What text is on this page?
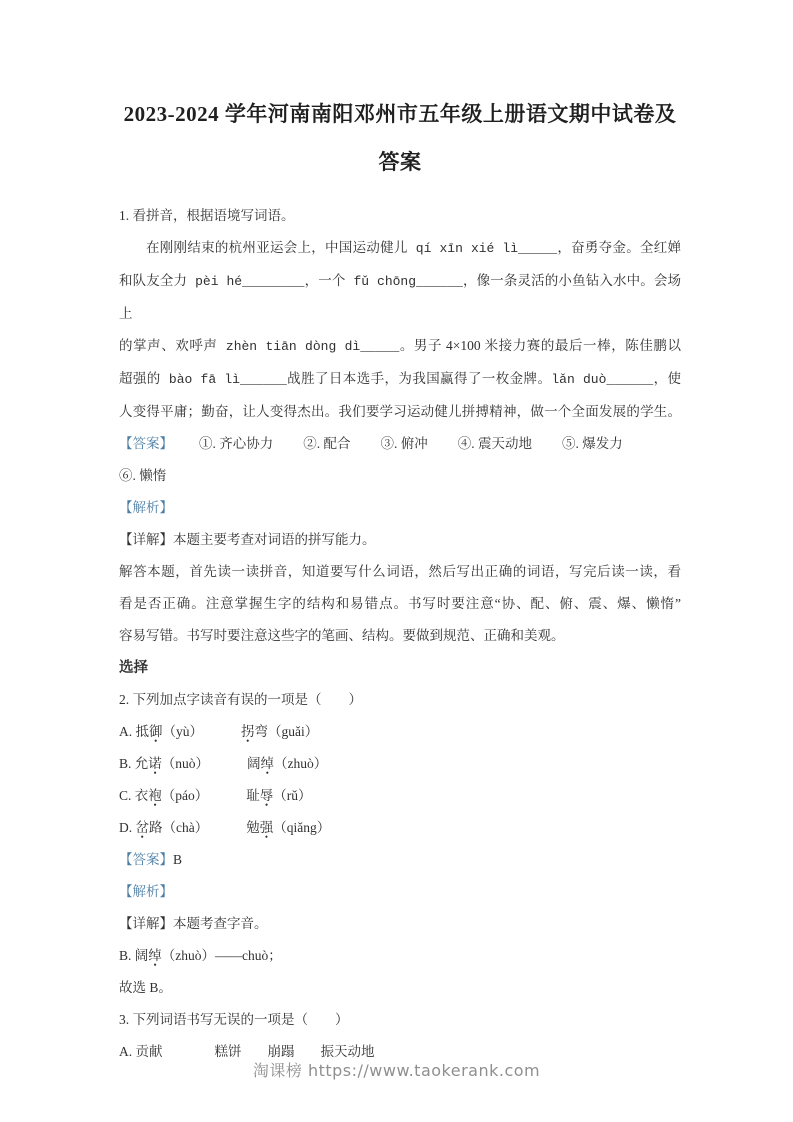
2023-2024 学年河南南阳邓州市五年级上册语文期中试卷及
答案
1. 看拼音，根据语境写词语。
在刚刚结束的杭州亚运会上，中国运动健儿 qí xīn xié lì_____，奋勇夺金。全红婵
和队友全力 pèi hé________，一个 fǔ chōng______，像一条灵活的小鱼钻入水中。会场上
的掌声、欢呼声 zhèn tiān dòng dì_____。男子 4×100 米接力赛的最后一棒，陈佳鹏以
超强的 bào fā lì______战胜了日本选手，为我国赢得了一枚金牌。lǎn duò______，使
人变得平庸；勤奋，让人变得杰出。我们要学习运动健儿拼搏精神，做一个全面发展的学生。
【答案】 ①. 齐心协力 ②. 配合 ③. 俯冲 ④. 震天动地 ⑤. 爆发力
⑥. 懒惰
【解析】
【详解】本题主要考查对词语的拼写能力。
解答本题，首先读一读拼音，知道要写什么词语，然后写出正确的词语，写完后读一读，看
看是否正确。注意掌握生字的结构和易错点。书写时要注意“协、配、俯、震、爆、懒惰”
容易写错。书写时要注意这些字的笔画、结构。要做到规范、正确和美观。
选择
2. 下列加点字读音有误的一项是（　　）
A. 抵御（yù）	拐弯（guǎi）
B. 允诺（nuò）	阔绰（zhuò）
C. 衣袍（páo）	耻辱（rǔ）
D. 岔路（chà）	勉强（qiǎng）
【答案】B
【解析】
【详解】本题考查字音。
B. 阔绰（zhuò）——chuò；
故选 B。
3. 下列词语书写无误的一项是（　　）
A. 贡献	糕饼 崩蹋 振天动地
淘课榜 https://www.taokerank.com
